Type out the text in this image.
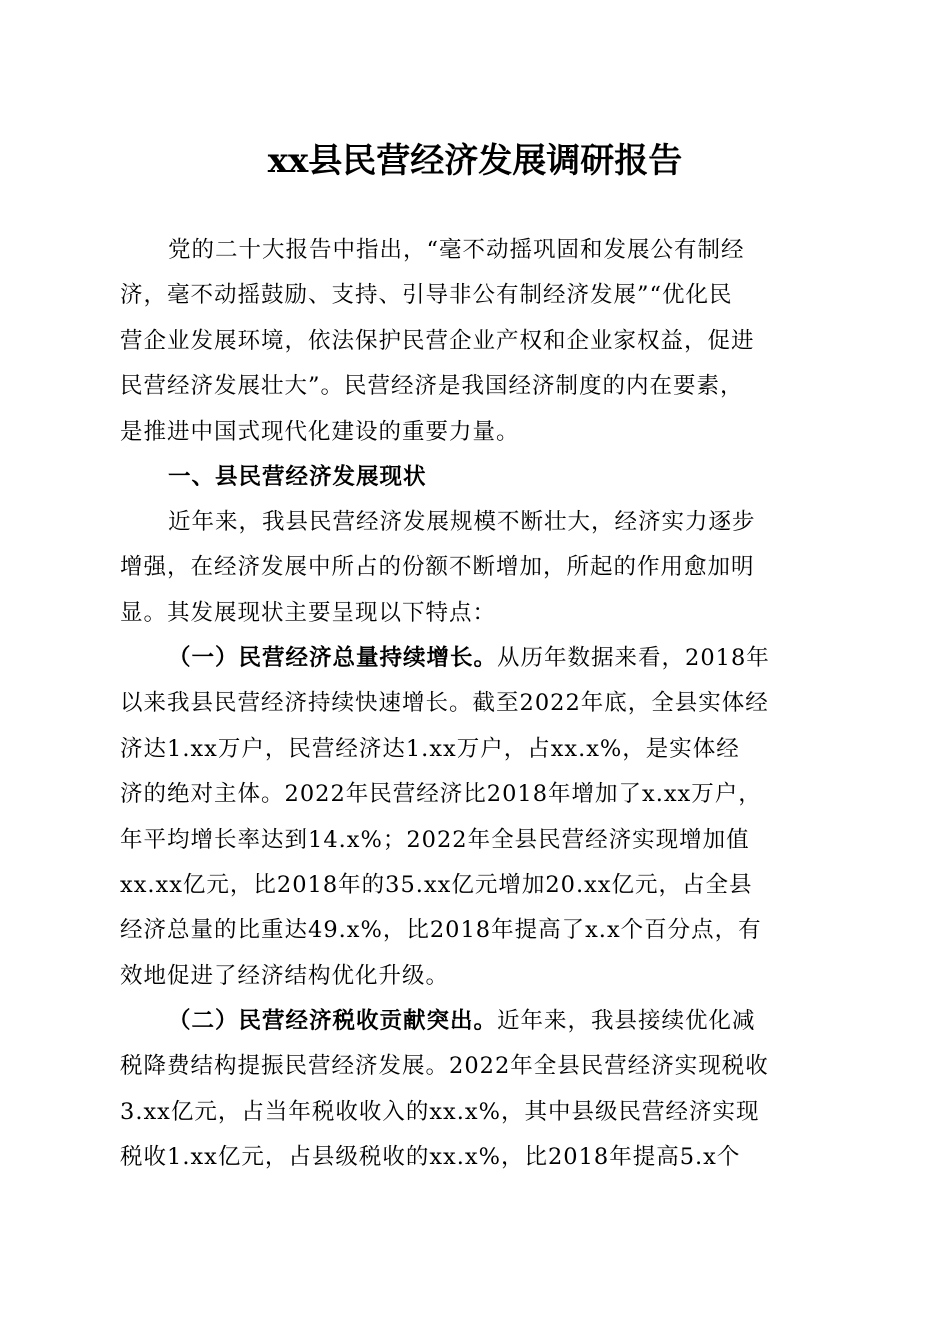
xx县民营经济发展调研报告
党的二十大报告中指出，“毫不动摇巩固和发展公有制经
济，毫不动摇鼓励、支持、引导非公有制经济发展”“优化民
营企业发展环境，依法保护民营企业产权和企业家权益，促进
民营经济发展壮大”。民营经济是我国经济制度的内在要素，
是推进中国式现代化建设的重要力量。
一、县民营经济发展现状
近年来，我县民营经济发展规模不断壮大，经济实力逐步
增强，在经济发展中所占的份额不断增加，所起的作用愈加明
显。其发展现状主要呈现以下特点：
（一）民营经济总量持续增长。从历年数据来看，2018年
以来我县民营经济持续快速增长。截至2022年底，全县实体经
济达1.xx万户，民营经济达1.xx万户，占xx.x%，是实体经
济的绝对主体。2022年民营经济比2018年增加了x.xx万户，
年平均增长率达到14.x%；2022年全县民营经济实现增加值
xx.xx亿元，比2018年的35.xx亿元增加20.xx亿元，占全县
经济总量的比重达49.x%，比2018年提高了x.x个百分点，有
效地促进了经济结构优化升级。
（二）民营经济税收贡献突出。近年来，我县接续优化减
税降费结构提振民营经济发展。2022年全县民营经济实现税收
3.xx亿元，占当年税收收入的xx.x%，其中县级民营经济实现
税收1.xx亿元，占县级税收的xx.x%，比2018年提高5.x个
